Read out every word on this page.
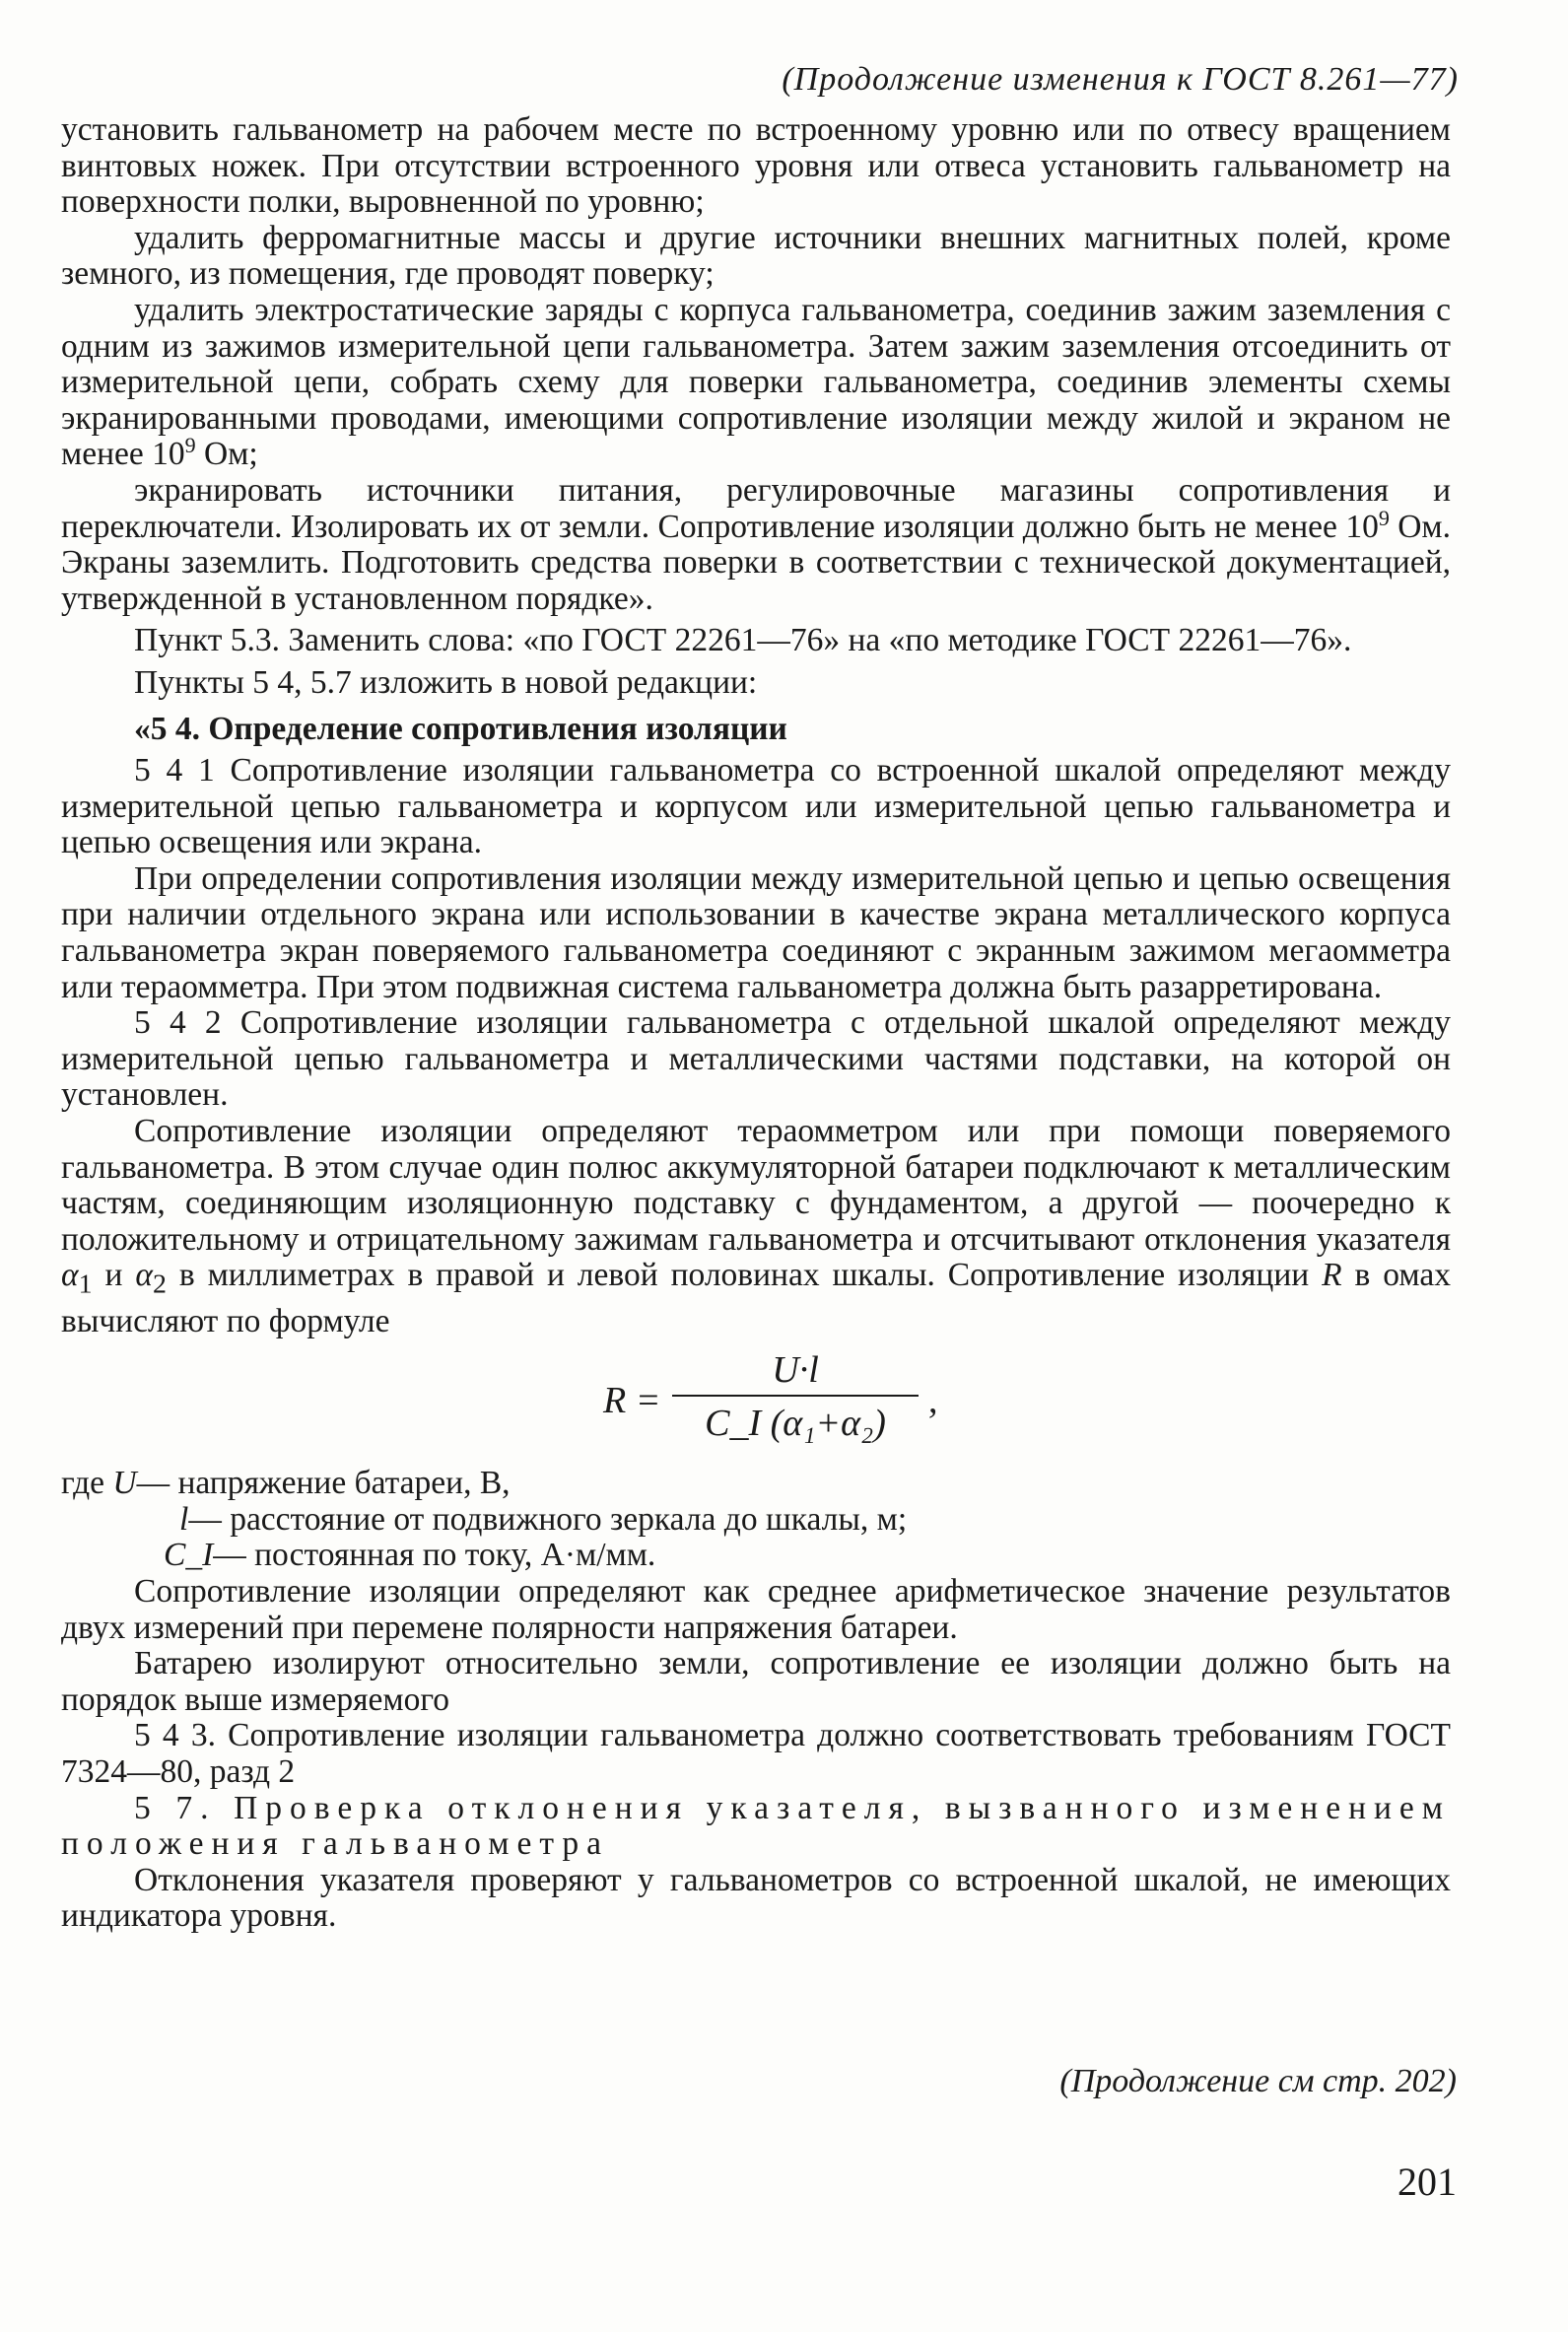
(Продолжение изменения к ГОСТ 8.261—77)

установить гальванометр на рабочем месте по встроенному уровню или по отвесу вращением винтовых ножек. При отсутствии встроенного уровня или отвеса установить гальванометр на поверхности полки, выровненной по уровню;

удалить ферромагнитные массы и другие источники внешних магнитных полей, кроме земного, из помещения, где проводят поверку;

удалить электростатические заряды с корпуса гальванометра, соединив зажим заземления с одним из зажимов измерительной цепи гальванометра. Затем зажим заземления отсоединить от измерительной цепи, собрать схему для поверки гальванометра, соединив элементы схемы экранированными проводами, имеющими сопротивление изоляции между жилой и экраном не менее $10^9$ Ом;

экранировать источники питания, регулировочные магазины сопротивления и переключатели. Изолировать их от земли. Сопротивление изоляции должно быть не менее $10^9$ Ом. Экраны заземлить. Подготовить средства поверки в соответствии с технической документацией, утвержденной в установленном порядке».

Пункт 5.3. Заменить слова: «по ГОСТ 22261—76» на «по методике ГОСТ 22261—76».

Пункты 5 4, 5.7 изложить в новой редакции:

«5 4. Определение сопротивления изоляции

5 4 1 Сопротивление изоляции гальванометра со встроенной шкалой определяют между измерительной цепью гальванометра и корпусом или измерительной цепью гальванометра и цепью освещения или экрана.

При определении сопротивления изоляции между измерительной цепью и цепью освещения при наличии отдельного экрана или использовании в качестве экрана металлического корпуса гальванометра экран поверяемого гальванометра соединяют с экранным зажимом мегаомметра или тераомметра. При этом подвижная система гальванометра должна быть разарретирована.

5 4 2 Сопротивление изоляции гальванометра с отдельной шкалой определяют между измерительной цепью гальванометра и металлическими частями подставки, на которой он установлен.

Сопротивление изоляции определяют тераомметром или при помощи поверяемого гальванометра. В этом случае один полюс аккумуляторной батареи подключают к металлическим частям, соединяющим изоляционную подставку с фундаментом, а другой — поочередно к положительному и отрицательному зажимам гальванометра и отсчитывают отклонения указателя $\alpha_1$ и $\alpha_2$ в миллиметрах в правой и левой половинах шкалы. Сопротивление изоляции R в омах вычисляют по формуле

R =
U·l
C_I (α₁+α₂)
,
где
U — напряжение батареи, В,
l — расстояние от подвижного зеркала до шкалы, м;
C_I — постоянная по току, А·м/мм.

Сопротивление изоляции определяют как среднее арифметическое значение результатов двух измерений при перемене полярности напряжения батареи.

Батарею изолируют относительно земли, сопротивление ее изоляции должно быть на порядок выше измеряемого

5 4 3. Сопротивление изоляции гальванометра должно соответствовать требованиям ГОСТ 7324—80, разд 2

5 7. Проверка отклонения указателя, вызванного изменением положения гальванометра

Отклонения указателя проверяют у гальванометров со встроенной шкалой, не имеющих индикатора уровня.

(Продолжение см стр. 202)
201
